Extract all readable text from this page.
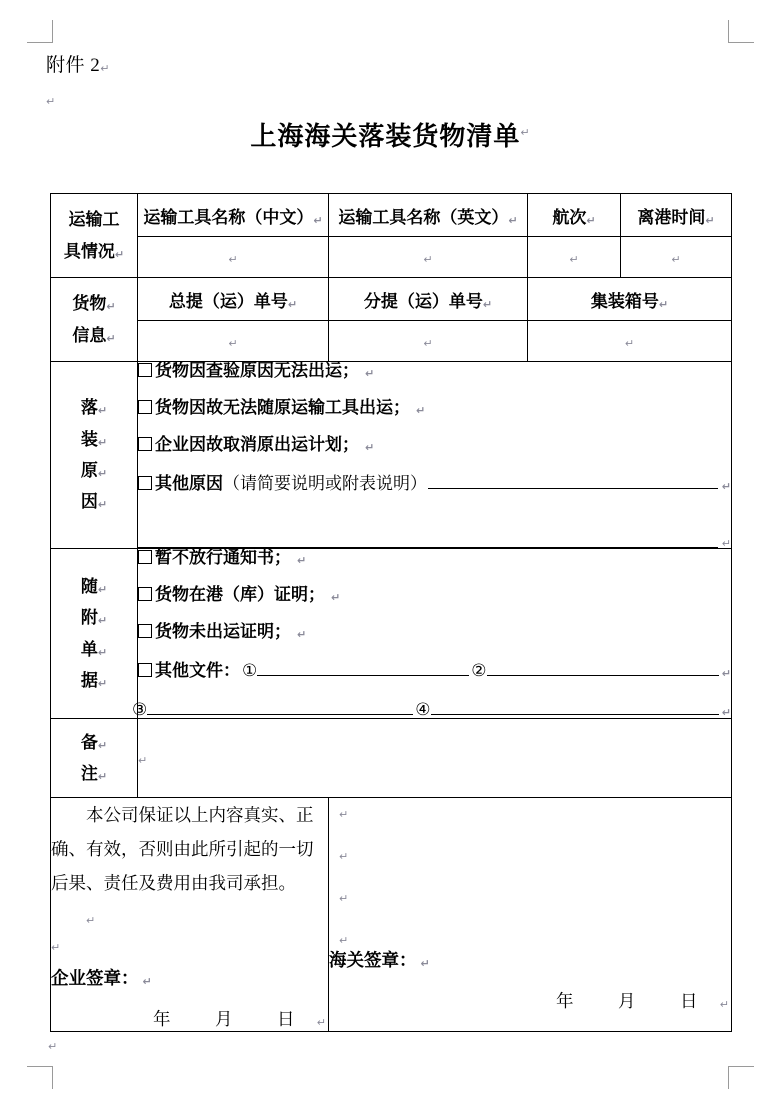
附件 2↵
↵
上海海关落装货物清单↵
运输工
具情况↵	运输工具名称（中文）↵	运输工具名称（英文）↵	航次↵	离港时间↵
	↵	↵	↵	↵

货物↵
信息↵	总提（运）单号↵	分提（运）单号↵	集装箱号↵	
	↵	↵	↵	

落↵
装↵
原↵
因↵

货物因查验原因无法出运； ↵
货物因故无法随原运输工具出运； ↵
企业因故取消原出运计划； ↵
其他原因 （请简要说明或附表说明）	↵
↵

随↵
附↵
单↵
据↵

暂不放行通知书； ↵
货物在港（库）证明； ↵
货物未出运证明； ↵
其他文件： ①	②	↵
③	④	↵

备↵
注↵	↵			

本公司保证以上内容真实、正确、有效，否则由此所引起的一切后果、责任及费用由我司承担。↵

↵
企业签章： ↵
年	月	日 ↵

↵
↵
↵
↵
海关签章： ↵
年	月	日 ↵
↵
